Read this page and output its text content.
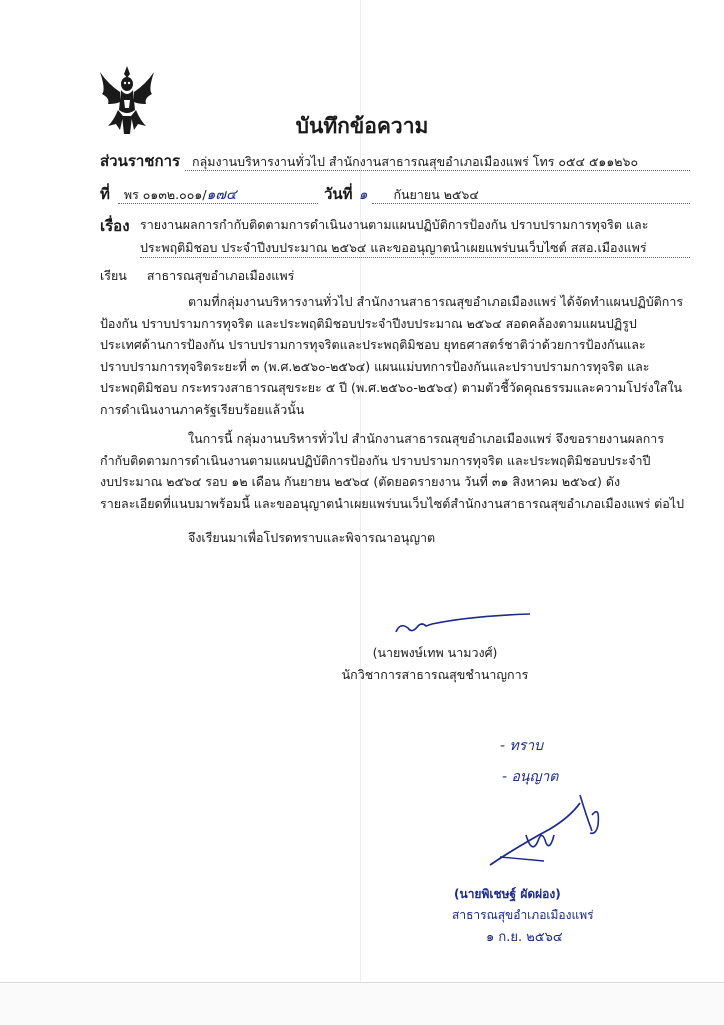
บันทึกข้อความ
ส่วนราชการ กลุ่มงานบริหารงานทั่วไป สำนักงานสาธารณสุขอำเภอเมืองแพร่ โทร ๐๕๔ ๕๑๑๒๖๐
ที่ พร ๐๑๓๒.๐๐๑/๑๗๔	วันที่ ๑ กันยายน ๒๕๖๔
เรื่อง รายงานผลการกำกับติดตามการดำเนินงานตามแผนปฏิบัติการป้องกัน ปราบปรามการทุจริต และ
ประพฤติมิชอบ ประจำปีงบประมาณ ๒๕๖๔ และขออนุญาตนำเผยแพร่บนเว็บไซต์ สสอ.เมืองแพร่
เรียน สาธารณสุขอำเภอเมืองแพร่
ตามที่กลุ่มงานบริหารงานทั่วไป สำนักงานสาธารณสุขอำเภอเมืองแพร่ ได้จัดทำแผนปฏิบัติการ
ป้องกัน ปราบปรามการทุจริต และประพฤติมิชอบประจำปีงบประมาณ ๒๕๖๔ สอดคล้องตามแผนปฏิรูป
ประเทศด้านการป้องกัน ปราบปรามการทุจริตและประพฤติมิชอบ ยุทธศาสตร์ชาติว่าด้วยการป้องกันและ
ปราบปรามการทุจริตระยะที่ ๓ (พ.ศ.๒๕๖๐-๒๕๖๔) แผนแม่บทการป้องกันและปราบปรามการทุจริต และ
ประพฤติมิชอบ กระทรวงสาธารณสุขระยะ ๕ ปี (พ.ศ.๒๕๖๐-๒๕๖๔) ตามตัวชี้วัดคุณธรรมและความโปร่งใสใน
การดำเนินงานภาครัฐเรียบร้อยแล้วนั้น
ในการนี้ กลุ่มงานบริหารทั่วไป สำนักงานสาธารณสุขอำเภอเมืองแพร่ จึงขอรายงานผลการ
กำกับติดตามการดำเนินงานตามแผนปฏิบัติการป้องกัน ปราบปรามการทุจริต และประพฤติมิชอบประจำปี
งบประมาณ ๒๕๖๔ รอบ ๑๒ เดือน กันยายน ๒๕๖๔ (ตัดยอดรายงาน วันที่ ๓๑ สิงหาคม ๒๕๖๔) ดัง
รายละเอียดที่แนบมาพร้อมนี้ และขออนุญาตนำเผยแพร่บนเว็บไซต์สำนักงานสาธารณสุขอำเภอเมืองแพร่ ต่อไป
จึงเรียนมาเพื่อโปรดทราบและพิจารณาอนุญาต
(นายพงษ์เทพ นามวงศ์)
นักวิชาการสาธารณสุขชำนาญการ
- ทราบ
- อนุญาต
(นายพิเชษฐ์ ผัดผ่อง)
สาธารณสุขอำเภอเมืองแพร่
๑ ก.ย. ๒๕๖๔
